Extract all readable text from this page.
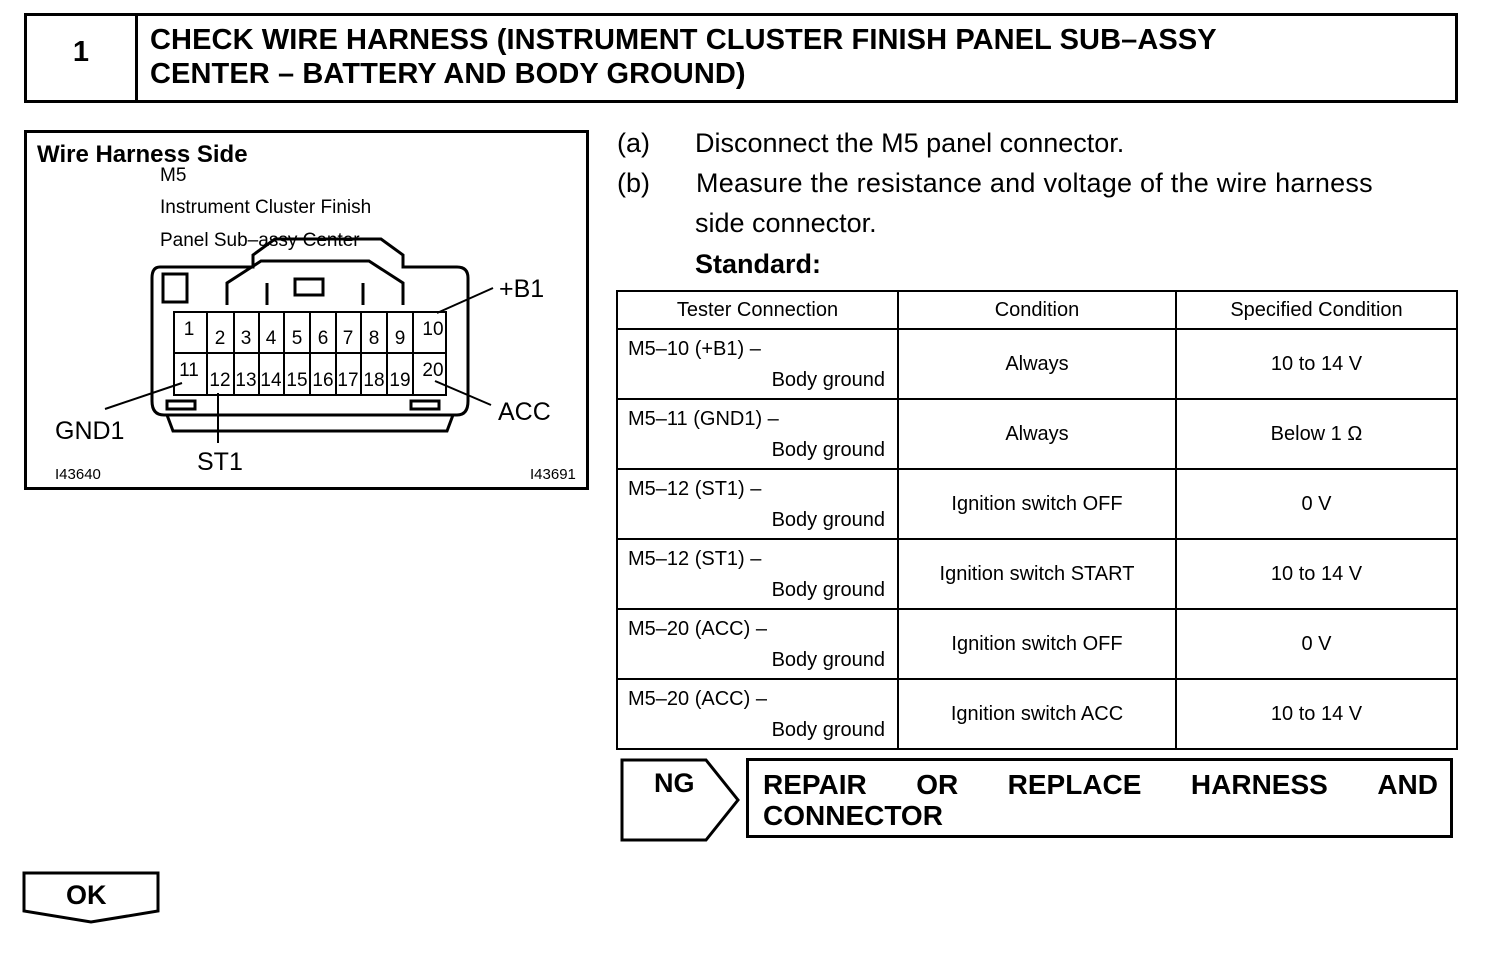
1	CHECK WIRE HARNESS (INSTRUMENT CLUSTER FINISH PANEL SUB–ASSY
CENTER – BATTERY AND BODY GROUND)
Wire Harness Side
M5
Instrument Cluster Finish
Panel Sub–assy Center
1 2 3 4 5 6 7 8 9 10
11 12 13 14 15 16 17 18 19 20
+B1
ACC
GND1
ST1
I43640	I43691
(a) Disconnect the M5 panel connector.
(b) Measure the resistance and voltage of the wire harness
side connector.
Standard:
Tester Connection	Condition	Specified Condition

M5–10 (+B1) –
Body ground	Always	10 to 14 V

M5–11 (GND1) –
Body ground	Always	Below 1 Ω

M5–12 (ST1) –
Body ground	Ignition switch OFF	0 V

M5–12 (ST1) –
Body ground	Ignition switch START	10 to 14 V

M5–20 (ACC) –
Body ground	Ignition switch OFF	0 V

M5–20 (ACC) –
Body ground	Ignition switch ACC	10 to 14 V
NG REPAIR OR REPLACE HARNESS AND
CONNECTOR
OK
